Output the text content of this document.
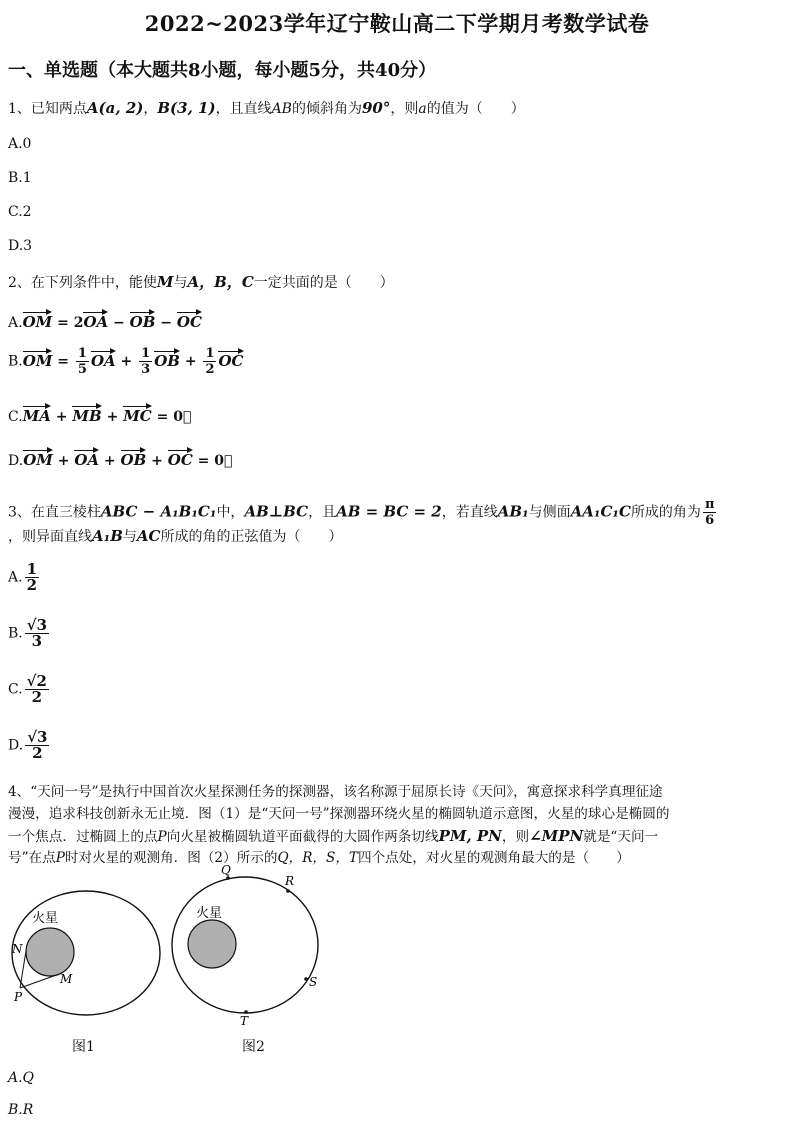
2022~2023学年辽宁鞍山高二下学期月考数学试卷
一、单选题（本大题共8小题，每小题5分，共40分）
1、已知两点A(a, 2)，B(3, 1)，且直线AB的倾斜角为90°，则a的值为（　　）
A.0
B.1
C.2
D.3
2、在下列条件中，能使M与A，B，C一定共面的是（　　）
A.OM = 2OA − OB − OC
$B.OM = \frac{1}{5}$ OA + $\frac{1}{3}$ OB + $\frac{1}{2}$ OC
C.MA + MB + MC = 0⃗
D.OM + OA + OB + OC = 0⃗
3、在直三棱柱ABC − A₁B₁C₁中，AB⊥BC，且AB = BC = 2，若直线AB₁与侧面AA₁C₁C所成的角为 $\frac{\pi}{6}$
，则异面直线A₁B与AC所成的角的正弦值为（　　）
A. $\frac{1}{2}$
B. $\frac{√3}{3}$
C. $\frac{√2}{2}$
D. $\frac{√3}{2}$
4、“天问一号”是执行中国首次火星探测任务的探测器，该名称源于屈原长诗《天问》，寓意探求科学真理征途
漫漫，追求科技创新永无止境．图（1）是“天问一号”探测器环绕火星的椭圆轨道示意图，火星的球心是椭圆的
一个焦点．过椭圆上的点P向火星被椭圆轨道平面截得的大圆作两条切线PM, PN，则∠MPN就是“天问一
号”在点P时对火星的观测角．图（2）所示的Q，R，S，T四个点处，对火星的观测角最大的是（　　）
火星
N
P
M
图1
火星
Q
R
S
T
图2
A.Q
B.R
